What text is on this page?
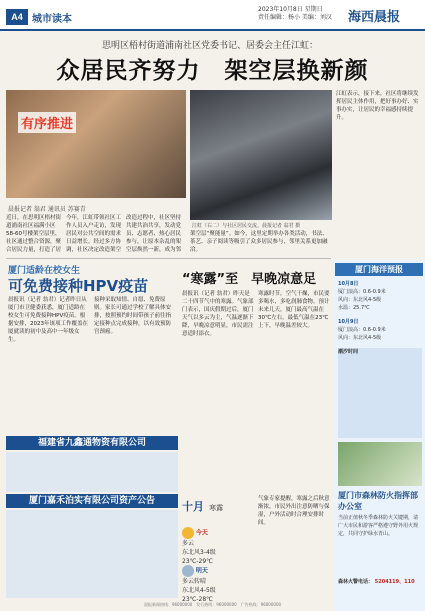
A4 城市读本
2023年10月8日 星期日
责任编辑：杨小 美编：刘汉 海西晨报
思明区梧村街道浦南社区党委书记、居委会主任江虹：
众居民齐努力　架空层换新颜
有序推进
江虹（右二）与社区居民交流。晨报记者 翁君 摄
晨报记者 翁君 通讯员 苏赛青
近日，在思明区梧村街道浦南社区福满小区58-60号楼架空层里，社区通过整合资源，聚合居民力量，打造了居
今年，江虹带领社区工作人员入户走访，发现居民对公共空间的需求日益增长。经过多方协调，社区决定改造架空
改造过程中，社区坚持共建共治共享，发动党员、志愿者、热心居民参与，让原本杂乱的架空层焕然一新，成为邻
架空层“聚能量”。如今，这里定期举办各类活动，书法、茶艺、亲子阅读等吸引了众多居民参与，邻里关系更加融洽。
江虹表示，接下来，社区将继续发挥居民主体作用，把好事办好、实事办实，让居民的幸福感持续提升。
厦门适龄在校女生
可免费接种HPV疫苗
晨报讯（记者 翁君）记者昨日从厦门市卫健委获悉，厦门适龄在校女生可免费接种HPV疫苗。根据安排，2023年该项工作覆盖在厦就读的初中及高中一年级女生。
接种采取知情、自愿、免费原则。家长可通过学校了解具体安排，按照预约时间带孩子前往指定接种点完成接种，以有效预防宫颈癌。
“寒露”至　早晚凉意足
晨报讯（记者 翁君）昨天是二十四节气中的寒露。气象部门表示，国庆假期过后，厦门天气以多云为主，气温逐渐下降，早晚凉意明显，市民需注意适时添衣。
寒露时节，空气干燥，市民要多喝水，多吃润肺食物。预计未来几天，厦门最高气温在30℃左右，最低气温在23℃上下，早晚温差较大。
气象专家提醒，寒露之后秋意渐浓，市民外出注意防晒与保湿，户外活动时合理安排时间。
福建省九鑫通物资有限公司
厦门嘉禾泊实有限公司资产公告	十月 寒露
今天
多云
东北风3-4级
23℃-29℃
明天
多云转晴
东北风4-5级
23℃-28℃
厦门海洋预报
10月8日
厦门浪高：0.6-0.9米
风向：东北风4-5级
水温：25.7℃
10月9日
厦门浪高：0.6-0.9米
风向：东北风4-5级
潮汐时间
厦门市森林防火指挥部办公室
当前正值秋冬季森林防火关键期，请广大市民和游客严格遵守野外用火规定，共同守护绿水青山。
森林火警电话： 5204119、110
晨报新闻热线：96000000　发行热线：96000000　广告热线：96000000
